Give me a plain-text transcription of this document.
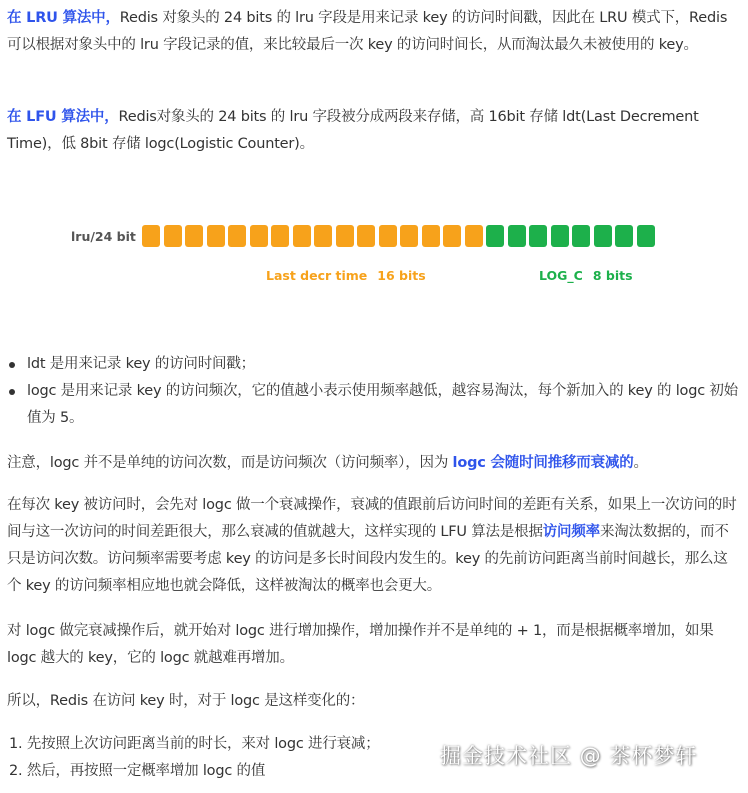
在 LRU 算法中，Redis 对象头的 24 bits 的 lru 字段是用来记录 key 的访问时间戳，因此在 LRU 模式下，Redis可以根据对象头中的 lru 字段记录的值，来比较最后一次 key 的访问时间长，从而淘汰最久未被使用的 key。

在 LFU 算法中，Redis对象头的 24 bits 的 lru 字段被分成两段来存储，高 16bit 存储 ldt(Last Decrement Time)，低 8bit 存储 logc(Logistic Counter)。

lru/24 bit
Last decr time 16 bits	LOG_C 8 bits
ldt 是用来记录 key 的访问时间戳；
logc 是用来记录 key 的访问频次，它的值越小表示使用频率越低，越容易淘汰，每个新加入的 key 的 logc 初始值为 5。

注意，logc 并不是单纯的访问次数，而是访问频次（访问频率），因为 logc 会随时间推移而衰减的。

在每次 key 被访问时，会先对 logc 做一个衰减操作，衰减的值跟前后访问时间的差距有关系，如果上一次访问的时间与这一次访问的时间差距很大，那么衰减的值就越大，这样实现的 LFU 算法是根据访问频率来淘汰数据的，而不只是访问次数。访问频率需要考虑 key 的访问是多长时间段内发生的。key 的先前访问距离当前时间越长，那么这个 key 的访问频率相应地也就会降低，这样被淘汰的概率也会更大。

对 logc 做完衰减操作后，就开始对 logc 进行增加操作，增加操作并不是单纯的 + 1，而是根据概率增加，如果 logc 越大的 key，它的 logc 就越难再增加。

所以，Redis 在访问 key 时，对于 logc 是这样变化的：

1. 先按照上次访问距离当前的时长，来对 logc 进行衰减；
2. 然后，再按照一定概率增加 logc 的值
掘金技术社区 @ 茶杯梦轩
